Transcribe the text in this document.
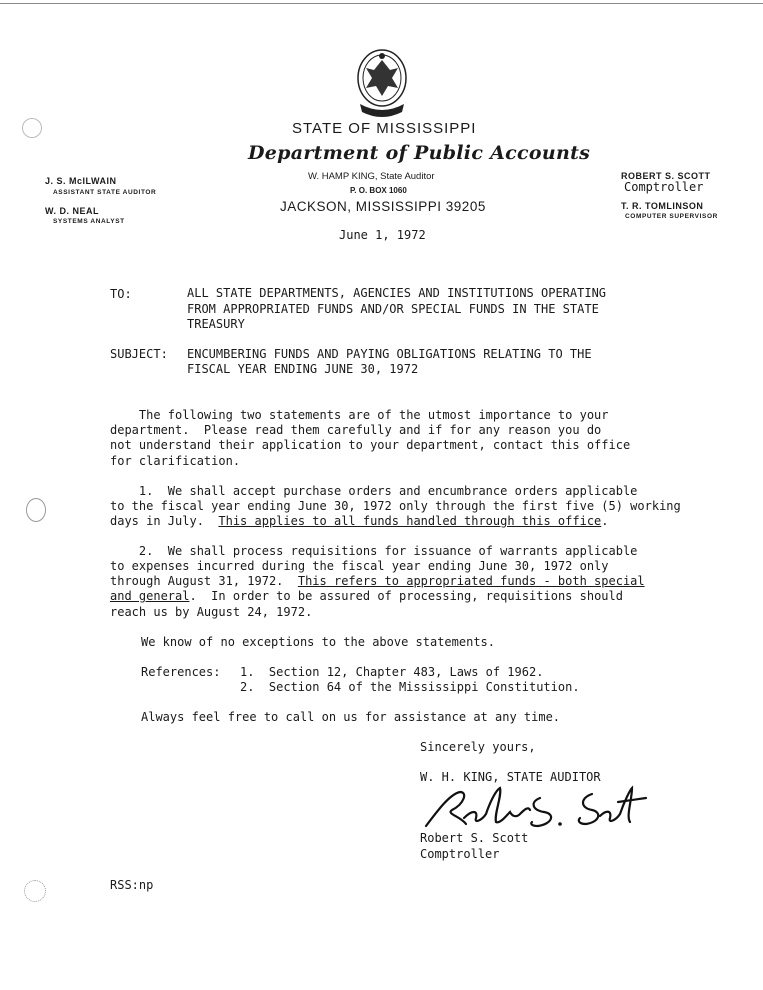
STATE OF MISSISSIPPI
Department of Public Accounts
J. S. McILWAIN
ASSISTANT STATE AUDITOR
W. D. NEAL
SYSTEMS ANALYST
W. HAMP KING, State Auditor
P. O. BOX 1060
JACKSON, MISSISSIPPI 39205
ROBERT S. SCOTT
Comptroller
T. R. TOMLINSON
COMPUTER SUPERVISOR
June 1, 1972
TO:	ALL STATE DEPARTMENTS, AGENCIES AND INSTITUTIONS OPERATING
FROM APPROPRIATED FUNDS AND/OR SPECIAL FUNDS IN THE STATE
TREASURY
SUBJECT: ENCUMBERING FUNDS AND PAYING OBLIGATIONS RELATING TO THE
FISCAL YEAR ENDING JUNE 30, 1972
The following two statements are of the utmost importance to your
department.  Please read them carefully and if for any reason you do
not understand their application to your department, contact this office
for clarification.
1.  We shall accept purchase orders and encumbrance orders applicable
to the fiscal year ending June 30, 1972 only through the first five (5) working
days in July.  This applies to all funds handled through this office.
2.  We shall process requisitions for issuance of warrants applicable
to expenses incurred during the fiscal year ending June 30, 1972 only
through August 31, 1972.  This refers to appropriated funds - both special
and general.  In order to be assured of processing, requisitions should
reach us by August 24, 1972.
We know of no exceptions to the above statements.
References: 1.  Section 12, Chapter 483, Laws of 1962.
2.  Section 64 of the Mississippi Constitution.
Always feel free to call on us for assistance at any time.
Sincerely yours,
W. H. KING, STATE AUDITOR
Robert S. Scott
Comptroller
RSS:np
